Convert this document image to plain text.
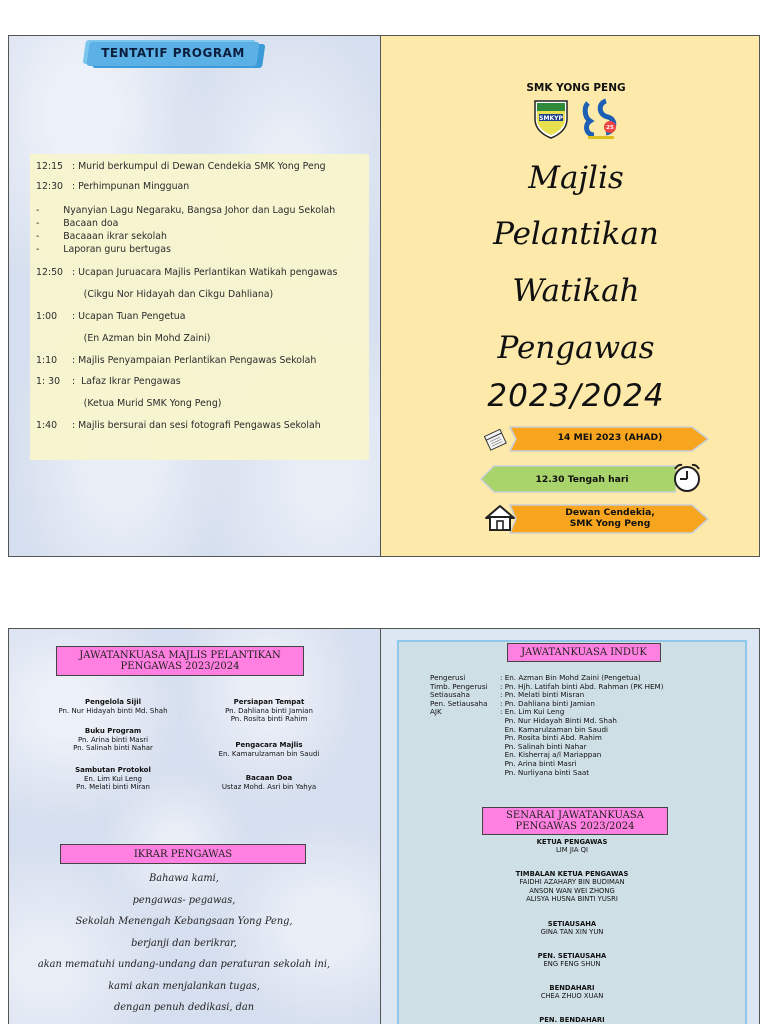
TENTATIF PROGRAM
12:15   : Murid berkumpul di Dewan Cendekia SMK Yong Peng
12:30   : Perhimpunan Mingguan
-        Nyanyian Lagu Negaraku, Bangsa Johor dan Lagu Sekolah
-        Bacaan doa
-        Bacaaan ikrar sekolah
-        Laporan guru bertugas
12:50   : Ucapan Juruacara Majlis Perlantikan Watikah pengawas
(Cikgu Nor Hidayah dan Cikgu Dahliana)
1:00     : Ucapan Tuan Pengetua
(En Azman bin Mohd Zaini)
1:10     : Majlis Penyampaian Perlantikan Pengawas Sekolah
1: 30    :  Lafaz Ikrar Pengawas
(Ketua Murid SMK Yong Peng)
1:40     : Majlis bersurai dan sesi fotografi Pengawas Sekolah
SMK YONG PENG
SMKYP
25
Majlis
Pelantikan
Watikah
Pengawas
2023/2024
14 MEI 2023 (AHAD)
12.30 Tengah hari
Dewan Cendekia,
SMK Yong Peng
JAWATANKUASA MAJLIS PELANTIKAN PENGAWAS 2023/2024
Pengelola Sijil
Pn. Nur Hidayah binti Md. Shah

Buku Program
Pn. Arina binti Masri
Pn. Salinah binti Nahar

Sambutan Protokol
En. Lim Kui Leng
Pn. Melati binti Miran

Persiapan Tempat
Pn. Dahliana binti Jamian
Pn. Rosita binti Rahim

Pengacara Majlis
En. Kamarulzaman bin Saudi

Bacaan Doa
Ustaz Mohd. Asri bin Yahya

IKRAR PENGAWAS
Bahawa kami,
pengawas- pegawas,
Sekolah Menengah Kebangsaan Yong Peng,
berjanji dan berikrar,
akan mematuhi undang-undang dan peraturan sekolah ini,
kami akan menjalankan tugas,
dengan penuh dedikasi, dan
JAWATANKUASA INDUK
Pengerusi	: En. Azman Bin Mohd Zaini (Pengetua)
Timb. Pengerusi : Pn. Hjh. Latifah binti Abd. Rahman (PK HEM)
Setiausaha	: Pn. Melati binti Misran
Pen. Setiausaha : Pn. Dahliana binti Jamian
AJK	: En. Lim Kui Leng
Pn. Nur Hidayah Binti Md. Shah
En. Kamarulzaman bin Saudi
Pn. Rosita binti Abd. Rahim
Pn. Salinah binti Nahar
En. Kisherraj a/l Mariappan
Pn. Arina binti Masri
Pn. Nurliyana binti Saat
SENARAI JAWATANKUASA PENGAWAS 2023/2024
KETUA PENGAWAS
LIM JIA QI

TIMBALAN KETUA PENGAWAS
FAIDHI AZAHARY BIN BUDIMAN
ANSON WAN WEI ZHONG
ALISYA HUSNA BINTI YUSRI

SETIAUSAHA
GINA TAN XIN YUN

PEN. SETIAUSAHA
ENG FENG SHUN

BENDAHARI
CHEA ZHUO XUAN

PEN. BENDAHARI
